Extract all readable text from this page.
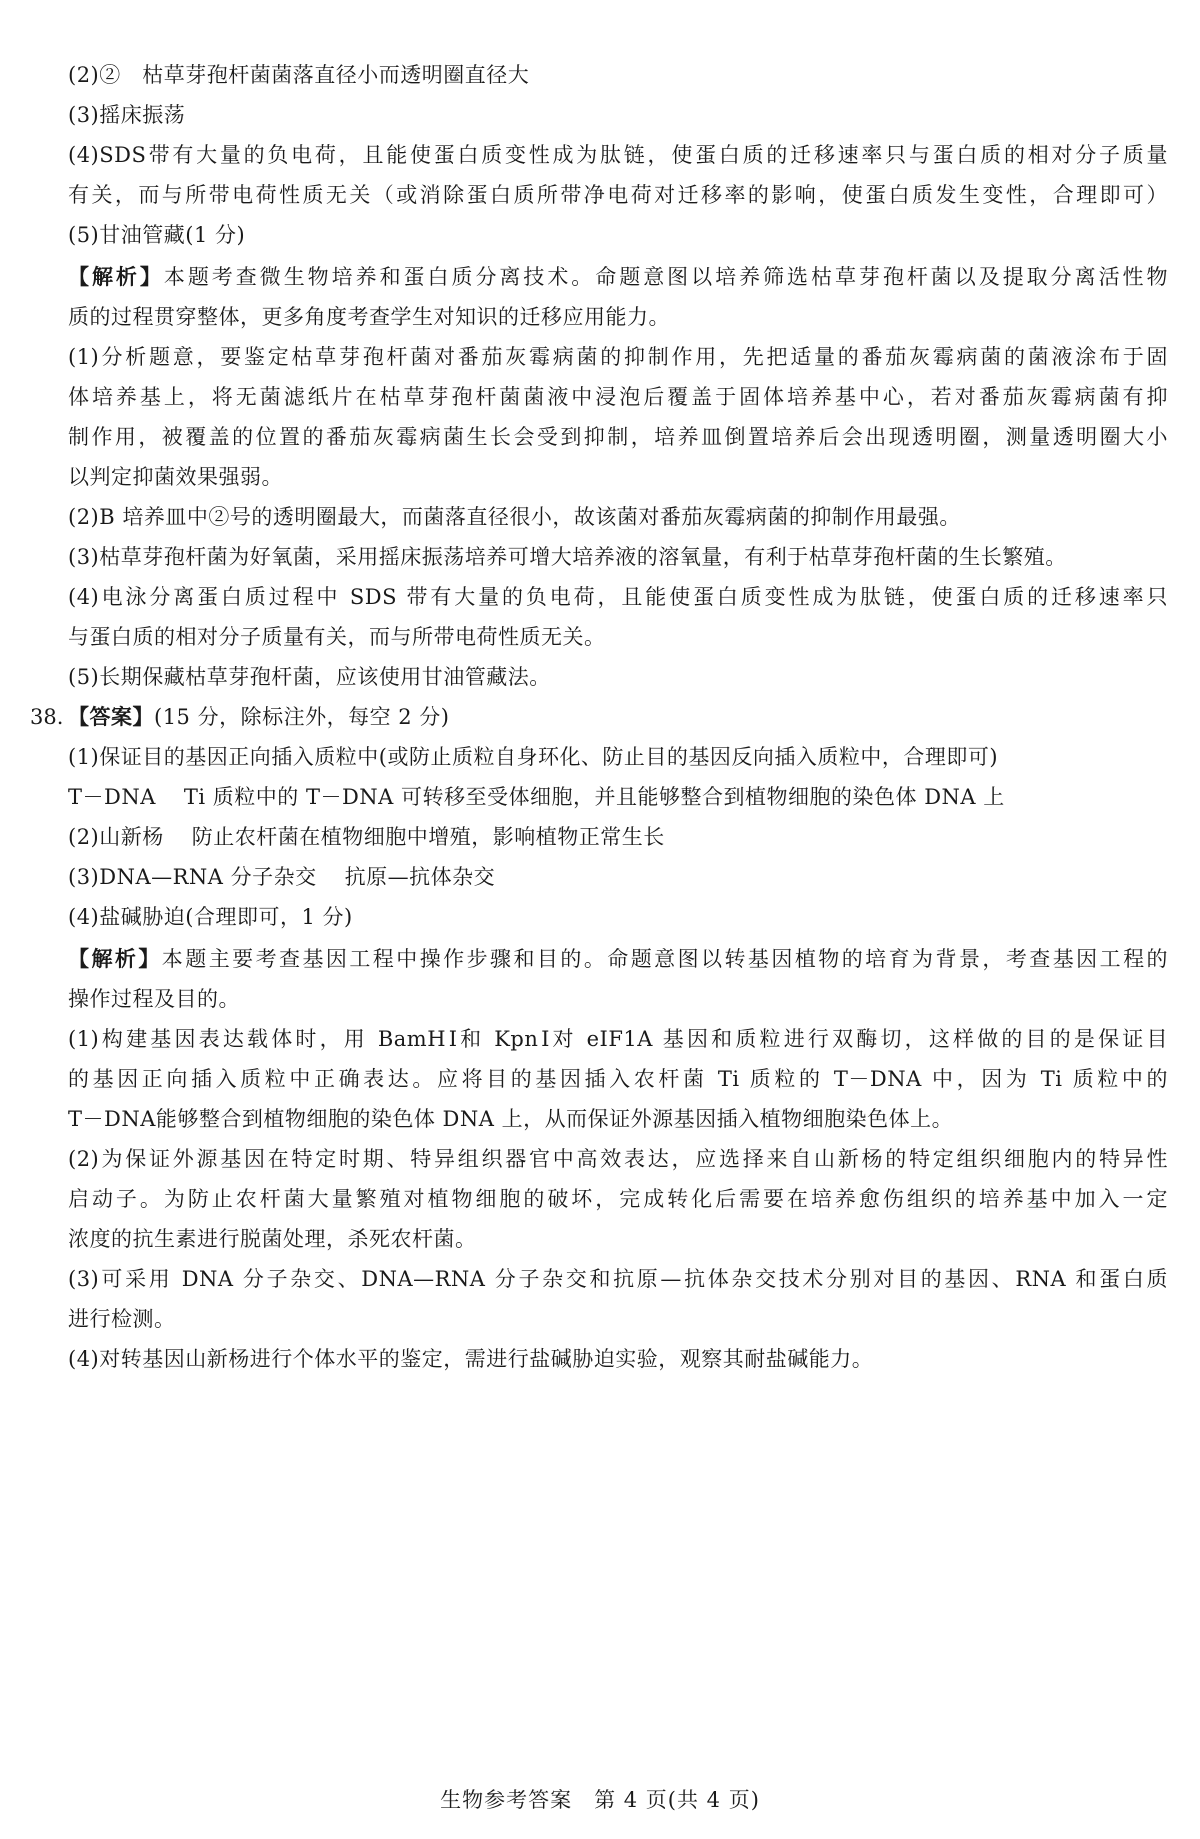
(2)②　枯草芽孢杆菌菌落直径小而透明圈直径大
(3)摇床振荡
(4)SDS带有大量的负电荷，且能使蛋白质变性成为肽链，使蛋白质的迁移速率只与蛋白质的相对分子质量
有关，而与所带电荷性质无关（或消除蛋白质所带净电荷对迁移率的影响，使蛋白质发生变性，合理即可）
(5)甘油管藏(1 分)
【解析】本题考查微生物培养和蛋白质分离技术。命题意图以培养筛选枯草芽孢杆菌以及提取分离活性物
质的过程贯穿整体，更多角度考查学生对知识的迁移应用能力。
(1)分析题意，要鉴定枯草芽孢杆菌对番茄灰霉病菌的抑制作用，先把适量的番茄灰霉病菌的菌液涂布于固
体培养基上，将无菌滤纸片在枯草芽孢杆菌菌液中浸泡后覆盖于固体培养基中心，若对番茄灰霉病菌有抑
制作用，被覆盖的位置的番茄灰霉病菌生长会受到抑制，培养皿倒置培养后会出现透明圈，测量透明圈大小
以判定抑菌效果强弱。
(2)B 培养皿中②号的透明圈最大，而菌落直径很小，故该菌对番茄灰霉病菌的抑制作用最强。
(3)枯草芽孢杆菌为好氧菌，采用摇床振荡培养可增大培养液的溶氧量，有利于枯草芽孢杆菌的生长繁殖。
(4)电泳分离蛋白质过程中 SDS 带有大量的负电荷，且能使蛋白质变性成为肽链，使蛋白质的迁移速率只
与蛋白质的相对分子质量有关，而与所带电荷性质无关。
(5)长期保藏枯草芽孢杆菌，应该使用甘油管藏法。
38. 【答案】(15 分，除标注外，每空 2 分)
(1)保证目的基因正向插入质粒中(或防止质粒自身环化、防止目的基因反向插入质粒中，合理即可)
T－DNA Ti 质粒中的 T－DNA 可转移至受体细胞，并且能够整合到植物细胞的染色体 DNA 上
(2)山新杨 防止农杆菌在植物细胞中增殖，影响植物正常生长
(3)DNA—RNA 分子杂交 抗原—抗体杂交
(4)盐碱胁迫(合理即可，1 分)
【解析】本题主要考查基因工程中操作步骤和目的。命题意图以转基因植物的培育为背景，考查基因工程的
操作过程及目的。
(1)构建基因表达载体时，用 BamHⅠ和 KpnⅠ对 eIF1A 基因和质粒进行双酶切，这样做的目的是保证目
的基因正向插入质粒中正确表达。应将目的基因插入农杆菌 Ti 质粒的 T－DNA 中，因为 Ti 质粒中的
T－DNA能够整合到植物细胞的染色体 DNA 上，从而保证外源基因插入植物细胞染色体上。
(2)为保证外源基因在特定时期、特异组织器官中高效表达，应选择来自山新杨的特定组织细胞内的特异性
启动子。为防止农杆菌大量繁殖对植物细胞的破坏，完成转化后需要在培养愈伤组织的培养基中加入一定
浓度的抗生素进行脱菌处理，杀死农杆菌。
(3)可采用 DNA 分子杂交、DNA—RNA 分子杂交和抗原—抗体杂交技术分别对目的基因、RNA 和蛋白质
进行检测。
(4)对转基因山新杨进行个体水平的鉴定，需进行盐碱胁迫实验，观察其耐盐碱能力。
生物参考答案　第 4 页(共 4 页)
